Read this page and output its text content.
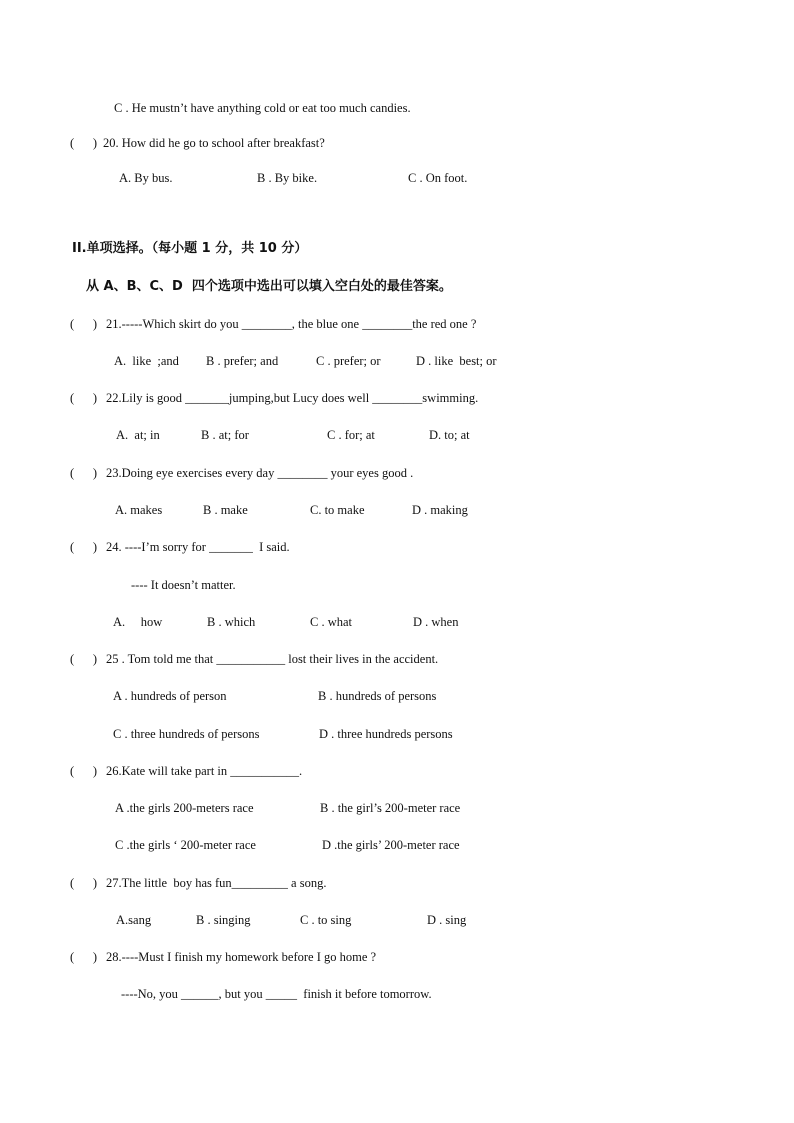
C . He mustn’t have anything cold or eat too much candies.
(      ) 20. How did he go to school after breakfast?
A. By bus.	B . By bike.	C . On foot.
II.单项选择。（每小题 1 分，共 10 分）
从 A、B、C、D  四个选项中选出可以填入空白处的最佳答案。
(      ) 21.-----Which skirt do you ________, the blue one ________the red one ?
A.  like  ;and B . prefer; and	C . prefer; or	D . like  best; or
(      ) 22.Lily is good _______jumping,but Lucy does well ________swimming.
A.  at; in	B . at; for	C . for; at	D. to; at
(      ) 23.Doing eye exercises every day ________ your eyes good .
A. makes	B . make	C. to make	D . making
(      ) 24. ----I’m sorry for _______  I said.
---- It doesn’t matter.
A.     how	B . which	C . what	D . when
(      ) 25 . Tom told me that ___________ lost their lives in the accident.
A . hundreds of person	B . hundreds of persons
C . three hundreds of persons	D . three hundreds persons
(      ) 26.Kate will take part in ___________.
A .the girls 200-meters race	B . the girl’s 200-meter race
C .the girls ‘ 200-meter race	D .the girls’ 200-meter race
(      ) 27.The little  boy has fun_________ a song.
A.sang	B . singing	C . to sing	D . sing
(      ) 28.----Must I finish my homework before I go home ?
----No, you ______, but you _____  finish it before tomorrow.
